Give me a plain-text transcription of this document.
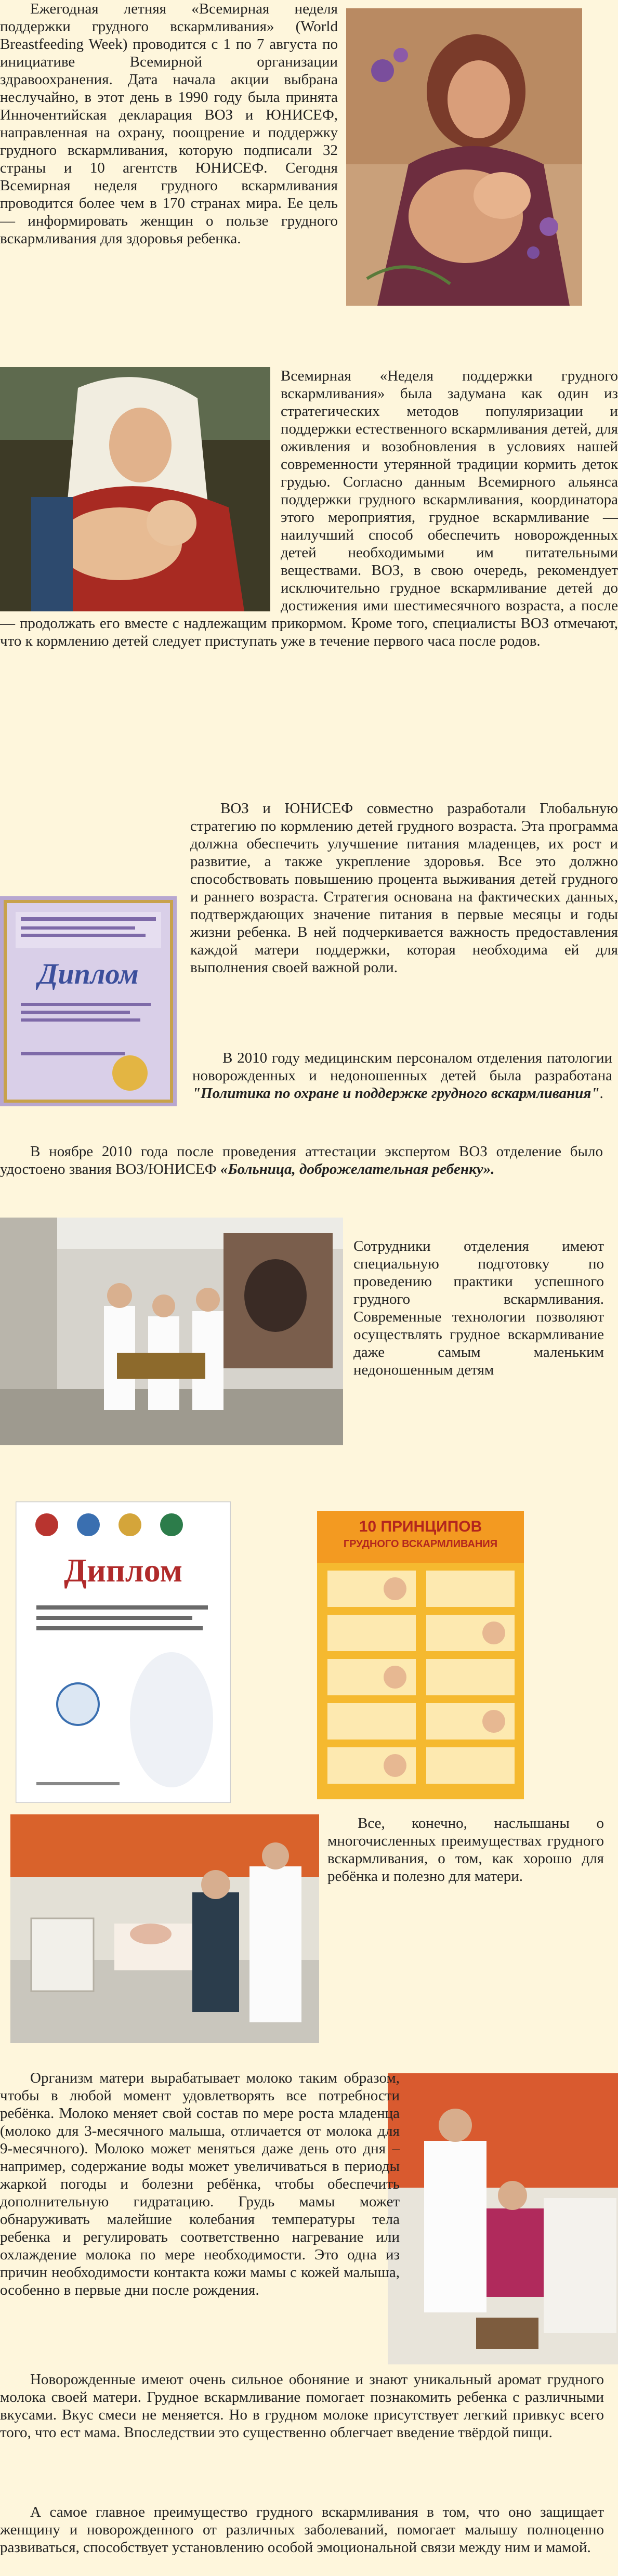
Ежегодная летняя «Всемирная неделя поддержки грудного вскармливания» (World Breastfeeding Week) проводится с 1 по 7 августа по инициативе Всемирной организации здравоохранения. Дата начала акции выбрана неслучайно, в этот день в 1990 году была принята Инночентийская декларация ВОЗ и ЮНИСЕФ, направленная на охрану, поощрение и поддержку грудного вскармливания, которую подписали 32 страны и 10 агентств ЮНИСЕФ. Сегодня Всемирная неделя грудного вскармливания проводится более чем в 170 странах мира. Ее цель — информировать женщин о пользе грудного вскармливания для здоровья ребенка.
Всемирная «Неделя поддержки грудного вскармливания» была задумана как один из стратегических методов популяризации и поддержки естественного вскармливания детей, для оживления и возобновления в условиях нашей современности утерянной традиции кормить деток грудью. Согласно данным Всемирного альянса поддержки грудного вскармливания, координатора этого мероприятия, грудное вскармливание — наилучший способ обеспечить новорожденных детей необходимыми им питательными веществами. ВОЗ, в свою очередь, рекомендует исключительно грудное вскармливание детей до достижения ими шестимесячного возраста, а после — продолжать его вместе с надлежащим прикормом. Кроме того, специалисты ВОЗ отмечают, что к кормлению детей следует приступать уже в течение первого часа после родов.
ВОЗ и ЮНИСЕФ совместно разработали Глобальную стратегию по кормлению детей грудного возраста. Эта программа должна обеспечить улучшение питания младенцев, их рост и развитие, а также укрепление здоровья. Все это должно способствовать повышению процента выживания детей грудного и раннего возраста. Стратегия основана на фактических данных, подтверждающих значение питания в первые месяцы и годы жизни ребенка. В ней подчеркивается важность предоставления каждой матери поддержки, которая необходима ей для выполнения своей важной роли.
Диплом
В 2010 году медицинским персоналом отделения патологии новорожденных и недоношенных детей была разработана "Политика по охране и поддержке грудного вскармливания".
В ноябре 2010 года после проведения аттестации экспертом ВОЗ отделение было удостоено звания ВОЗ/ЮНИСЕФ «Больница, доброжелательная ребенку».
Сотрудники отделения имеют специальную подготовку по проведению практики успешного грудного вскармливания. Современные технологии позволяют осуществлять грудное вскармливание даже самым маленьким недоношенным детям
Диплом
10 ПРИНЦИПОВ
ГРУДНОГО ВСКАРМЛИВАНИЯ
Все, конечно, наслышаны о многочисленных преимуществах грудного вскармливания, о том, как хорошо для ребёнка и полезно для матери.
Организм матери вырабатывает молоко таким образом, чтобы в любой момент удовлетворять все потребности ребёнка. Молоко меняет свой состав по мере роста младенца (молоко для 3-месячного малыша, отличается от молока для 9-месячного). Молоко может меняться даже день ото дня – например, содержание воды может увеличиваться в периоды жаркой погоды и болезни ребёнка, чтобы обеспечить дополнительную гидратацию. Грудь мамы может обнаруживать малейшие колебания температуры тела ребенка и регулировать соответственно нагревание или охлаждение молока по мере необходимости. Это одна из причин необходимости контакта кожи мамы с кожей малыша, особенно в первые дни после рождения.
Новорожденные имеют очень сильное обоняние и знают уникальный аромат грудного молока своей матери. Грудное вскармливание помогает познакомить ребенка с различными вкусами. Вкус смеси не меняется. Но в грудном молоке присутствует легкий привкус всего того, что ест мама. Впоследствии это существенно облегчает введение твёрдой пищи.
А самое главное преимущество грудного вскармливания в том, что оно защищает женщину и новорожденного от различных заболеваний, помогает малышу полноценно развиваться, способствует установлению особой эмоциональной связи между ним и мамой.
